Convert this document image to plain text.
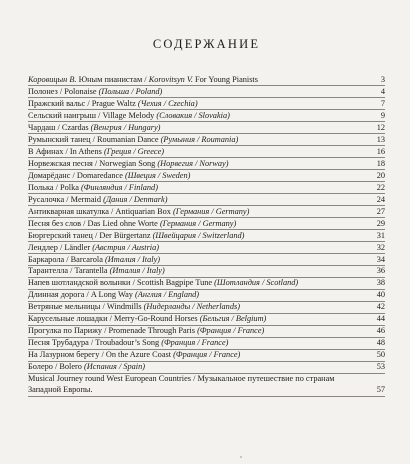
СОДЕРЖАНИЕ
Коровицын В. Юным пианистам / Korovitsyn V. For Young Pianists	3
Полонез / Polonaise (Польша / Poland)	4
Пражский вальс / Prague Waltz (Чехия / Czechia)	7
Сельский наигрыш / Village Melody (Словакия / Slovakia)	9
Чардаш / Czardas (Венгрия / Hungary)	12
Румынский танец / Roumanian Dance (Румыния / Roumania)	13
В Афинах / In Athens (Греция / Greece)	16
Норвежская песня / Norwegian Song (Норвегия / Norway)	18
Домарёданс / Domaredance (Швеция / Sweden)	20
Полька / Polka (Финляндия / Finland)	22
Русалочка / Mermaid (Дания / Denmark)	24
Антикварная шкатулка / Antiquarian Box (Германия / Germany)	27
Песня без слов / Das Lied ohne Worte (Германия / Germany)	29
Бюргерский танец / Der Bürgertanz (Швейцария / Switzerland)	31
Лендлер / Ländler (Австрия / Austria)	32
Баркарола / Barcarola (Италия / Italy)	34
Тарантелла / Tarantella (Италия / Italy)	36
Напев шотландской волынки / Scottish Bagpipe Tune (Шотландия / Scotland)	38
Длинная дорога / A Long Way (Англия / England)	40
Ветряные мельницы / Windmills (Нидерланды / Netherlands)	42
Карусельные лошадки / Merry-Go-Round Horses (Бельгия / Belgium)	44
Прогулка по Парижу / Promenade Through Paris (Франция / France)	46
Песня Трубадура / Troubadour’s Song (Франция / France)	48
На Лазурном берегу / On the Azure Coast (Франция / France)	50
Болеро / Bolero (Испания / Spain)	53
Musical Journey round West European Countries / Музыкальное путешествие по странам Западной Европы.	57
